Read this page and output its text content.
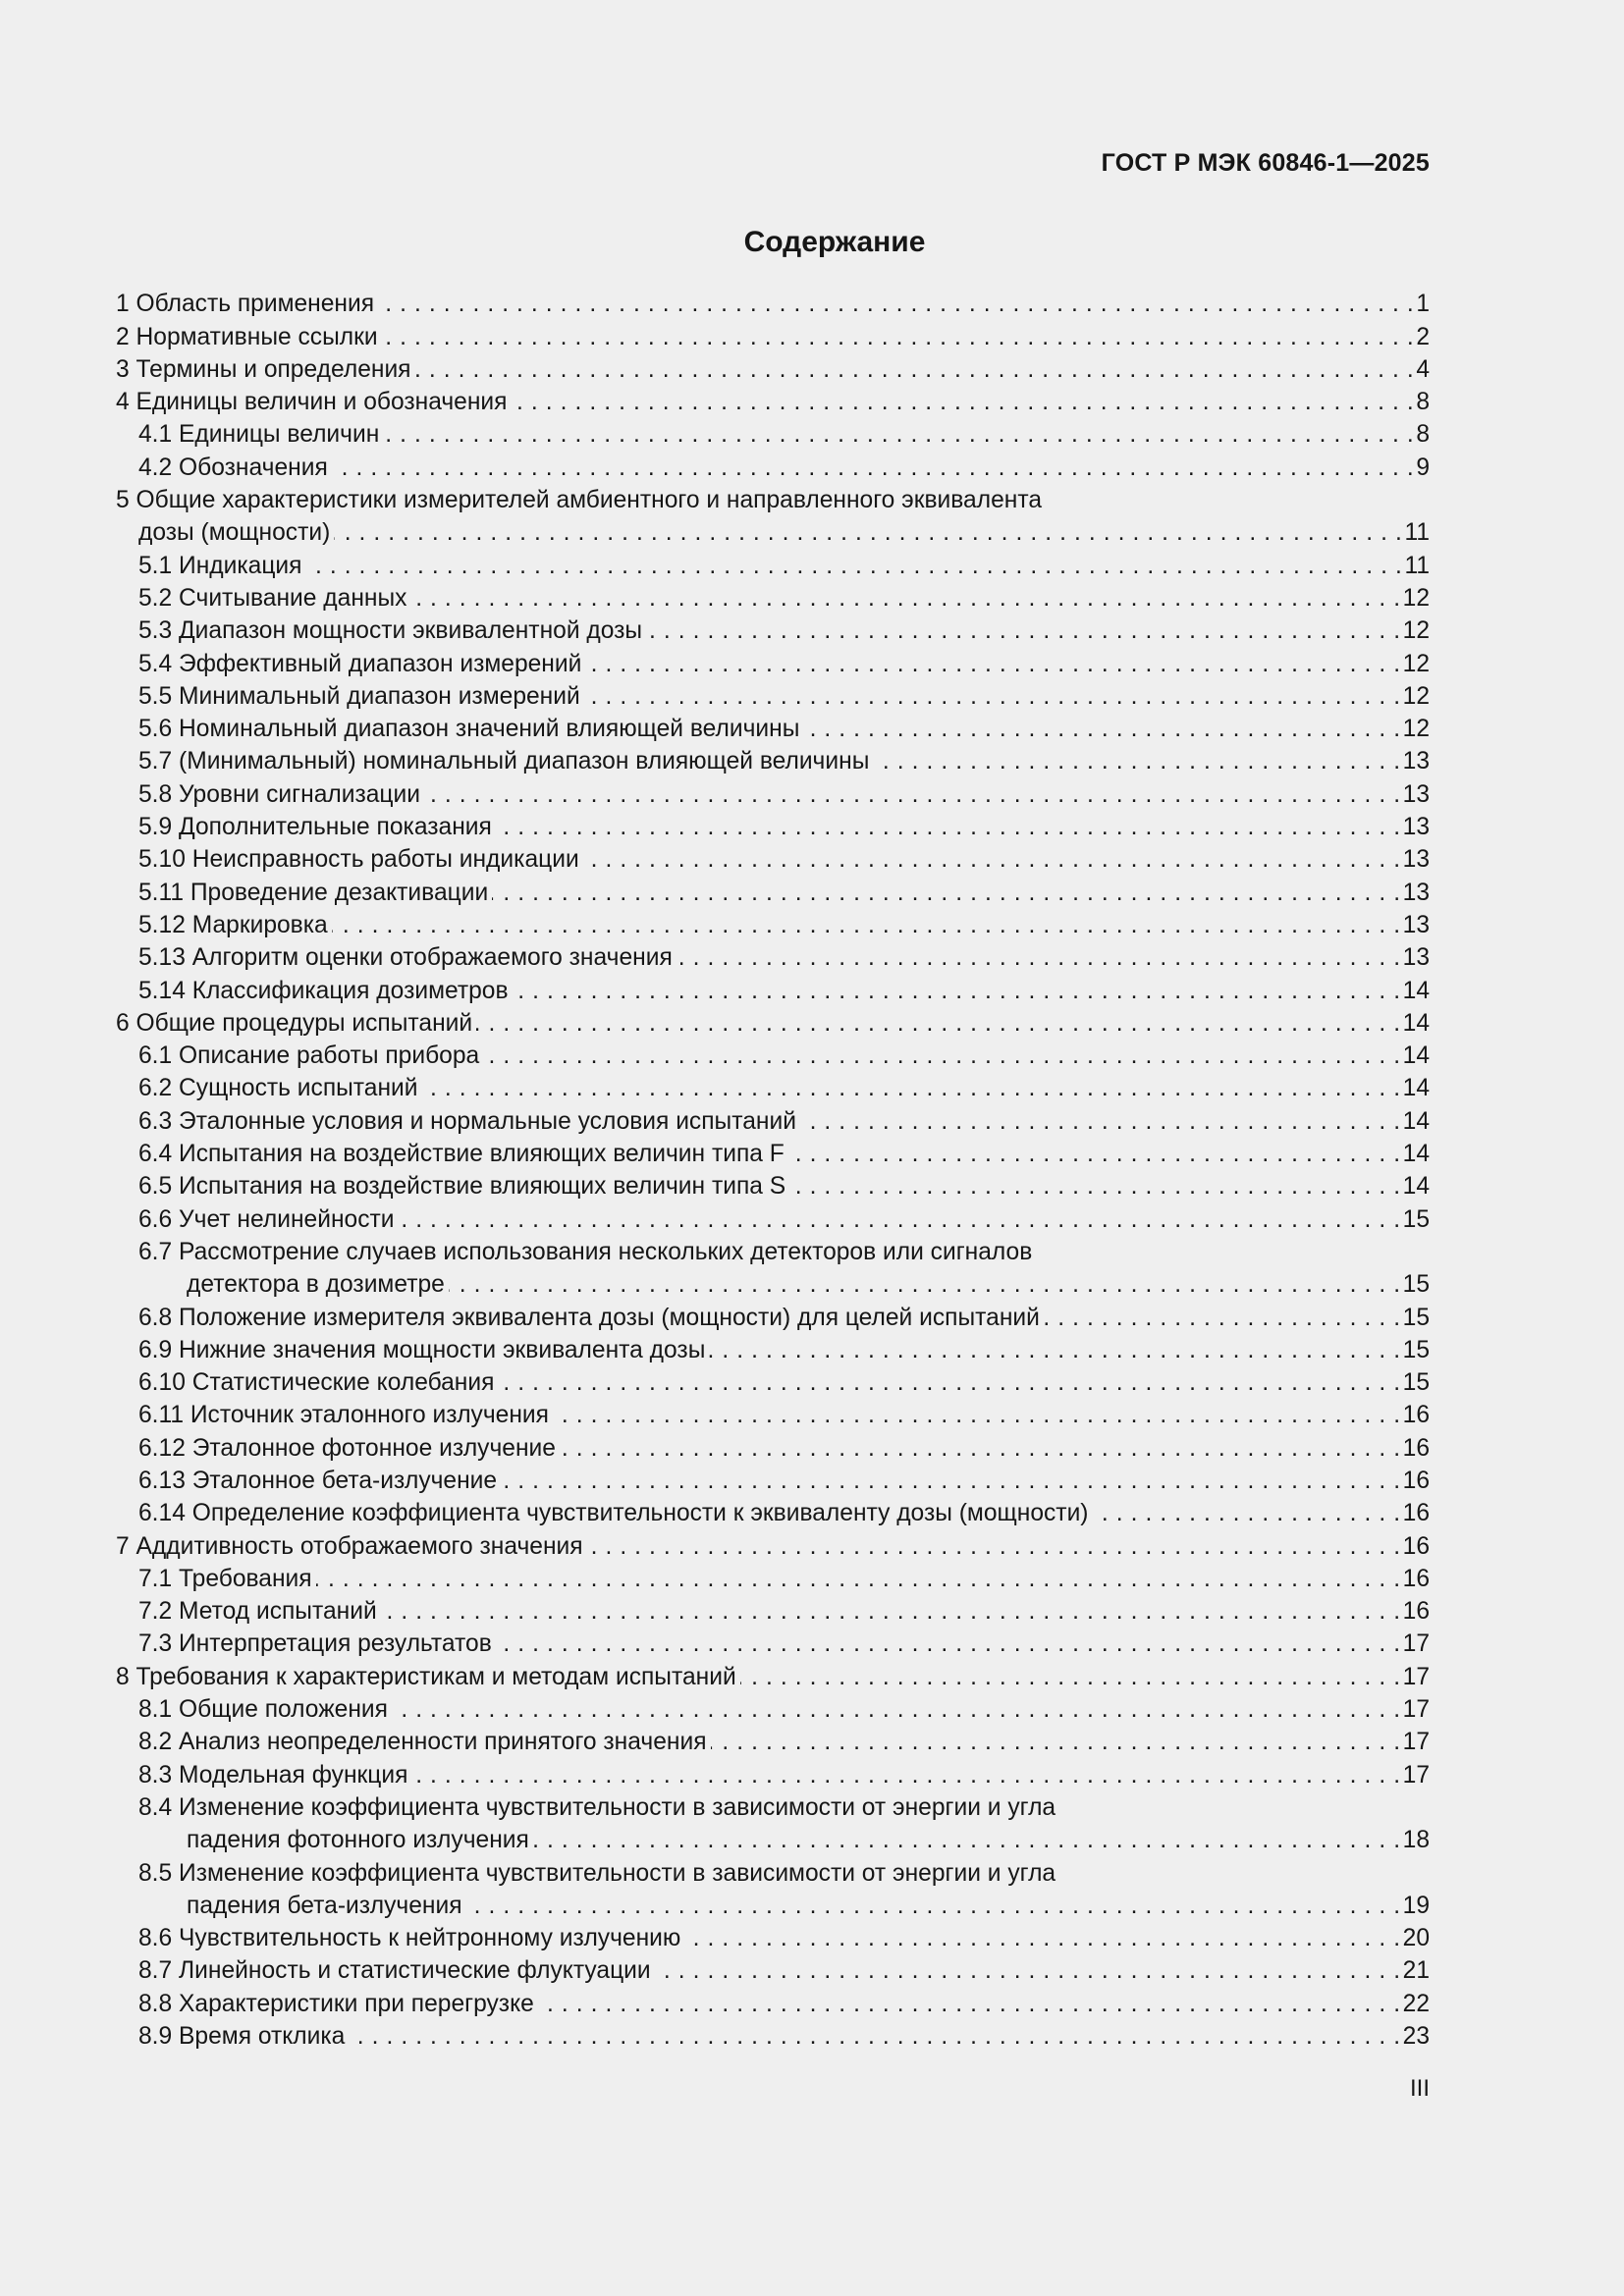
ГОСТ Р МЭК 60846-1—2025
Содержание
1 Область применения . . .	1
2 Нормативные ссылки . . .	2
3 Термины и определения . . .	4
4 Единицы величин и обозначения . . .	8
4.1 Единицы величин . . .	8
4.2 Обозначения . . .	9
5 Общие характеристики измерителей амбиентного и направленного эквивалента
дозы (мощности) . . .	11
5.1 Индикация . . .	11
5.2 Считывание данных . . .	12
5.3 Диапазон мощности эквивалентной дозы . . .	12
5.4 Эффективный диапазон измерений . . .	12
5.5 Минимальный диапазон измерений . . .	12
5.6 Номинальный диапазон значений влияющей величины . . .	12
5.7 (Минимальный) номинальный диапазон влияющей величины . . .	13
5.8 Уровни сигнализации . . .	13
5.9 Дополнительные показания . . .	13
5.10 Неисправность работы индикации . . .	13
5.11 Проведение дезактивации . . .	13
5.12 Маркировка . . .	13
5.13 Алгоритм оценки отображаемого значения . . .	13
5.14 Классификация дозиметров . . .	14
6 Общие процедуры испытаний . . .	14
6.1 Описание работы прибора . . .	14
6.2 Сущность испытаний . . .	14
6.3 Эталонные условия и нормальные условия испытаний . . .	14
6.4 Испытания на воздействие влияющих величин типа F . . .	14
6.5 Испытания на воздействие влияющих величин типа S . . .	14
6.6 Учет нелинейности . . .	15
6.7 Рассмотрение случаев использования нескольких детекторов или сигналов
детектора в дозиметре . . .	15
6.8 Положение измерителя эквивалента дозы (мощности) для целей испытаний . . .	15
6.9 Нижние значения мощности эквивалента дозы . . .	15
6.10 Статистические колебания . . .	15
6.11 Источник эталонного излучения . . .	16
6.12 Эталонное фотонное излучение . . .	16
6.13 Эталонное бета-излучение . . .	16
6.14 Определение коэффициента чувствительности к эквиваленту дозы (мощности) . . .	16
7 Аддитивность отображаемого значения . . .	16
7.1 Требования . . .	16
7.2 Метод испытаний . . .	16
7.3 Интерпретация результатов . . .	17
8 Требования к характеристикам и методам испытаний . . .	17
8.1 Общие положения . . .	17
8.2 Анализ неопределенности принятого значения . . .	17
8.3 Модельная функция . . .	17
8.4 Изменение коэффициента чувствительности в зависимости от энергии и угла
падения фотонного излучения . . .	18
8.5 Изменение коэффициента чувствительности в зависимости от энергии и угла
падения бета-излучения . . .	19
8.6 Чувствительность к нейтронному излучению . . .	20
8.7 Линейность и статистические флуктуации . . .	21
8.8 Характеристики при перегрузке . . .	22
8.9 Время отклика . . .	23
III
